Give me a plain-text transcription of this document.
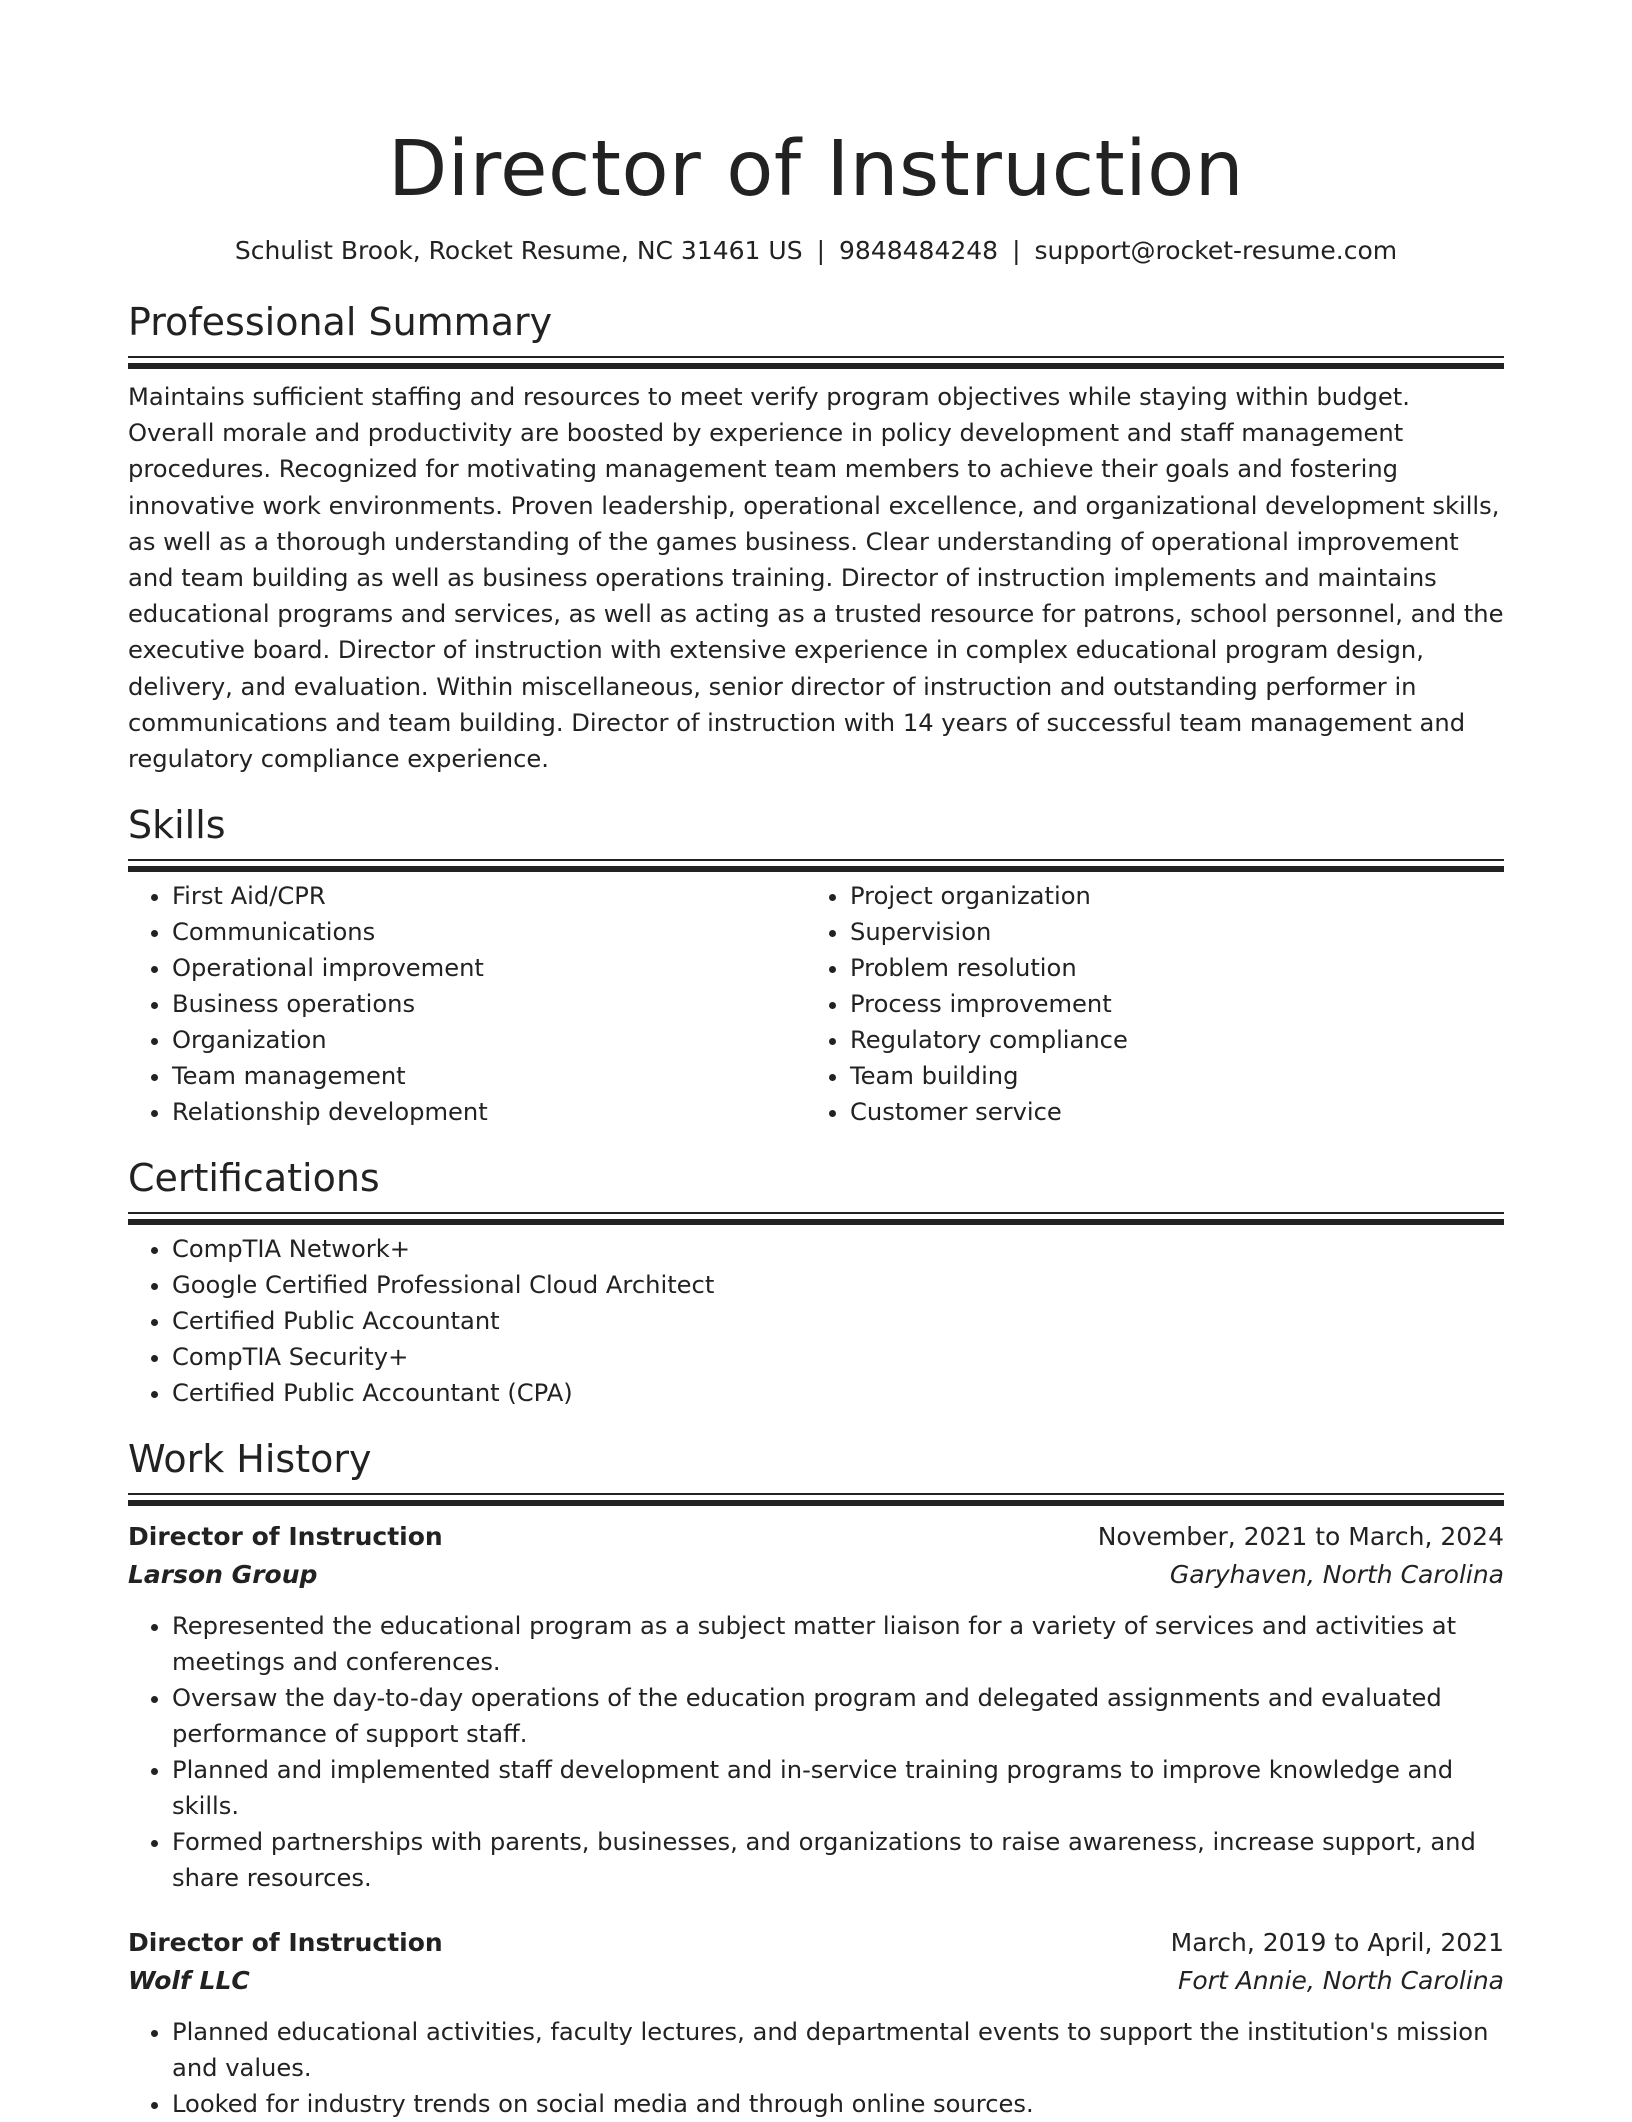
Director of Instruction
Schulist Brook, Rocket Resume, NC 31461 US | 9848484248 | support@rocket-resume.com
Professional Summary

Maintains sufficient staffing and resources to meet verify program objectives while staying within budget. Overall morale and productivity are boosted by experience in policy development and staff management procedures. Recognized for motivating management team members to achieve their goals and fostering innovative work environments. Proven leadership, operational excellence, and organizational development skills, as well as a thorough understanding of the games business. Clear understanding of operational improvement and team building as well as business operations training. Director of instruction implements and maintains educational programs and services, as well as acting as a trusted resource for patrons, school personnel, and the executive board. Director of instruction with extensive experience in complex educational program design, delivery, and evaluation. Within miscellaneous, senior director of instruction and outstanding performer in communications and team building. Director of instruction with 14 years of successful team management and regulatory compliance experience.

Skills
• First Aid/CPR
• Communications
• Operational improvement
• Business operations
• Organization
• Team management
• Relationship development
• Project organization
• Supervision
• Problem resolution
• Process improvement
• Regulatory compliance
• Team building
• Customer service
Certifications
• CompTIA Network+
• Google Certified Professional Cloud Architect
• Certified Public Accountant
• CompTIA Security+
• Certified Public Accountant (CPA)
Work History
Director of Instruction	November, 2021 to March, 2024
Larson Group	Garyhaven, North Carolina
• Represented the educational program as a subject matter liaison for a variety of services and activities at meetings and conferences.
• Oversaw the day-to-day operations of the education program and delegated assignments and evaluated performance of support staff.
• Planned and implemented staff development and in-service training programs to improve knowledge and skills.
• Formed partnerships with parents, businesses, and organizations to raise awareness, increase support, and share resources.
Director of Instruction	March, 2019 to April, 2021
Wolf LLC	Fort Annie, North Carolina
• Planned educational activities, faculty lectures, and departmental events to support the institution's mission and values.
• Looked for industry trends on social media and through online sources.
